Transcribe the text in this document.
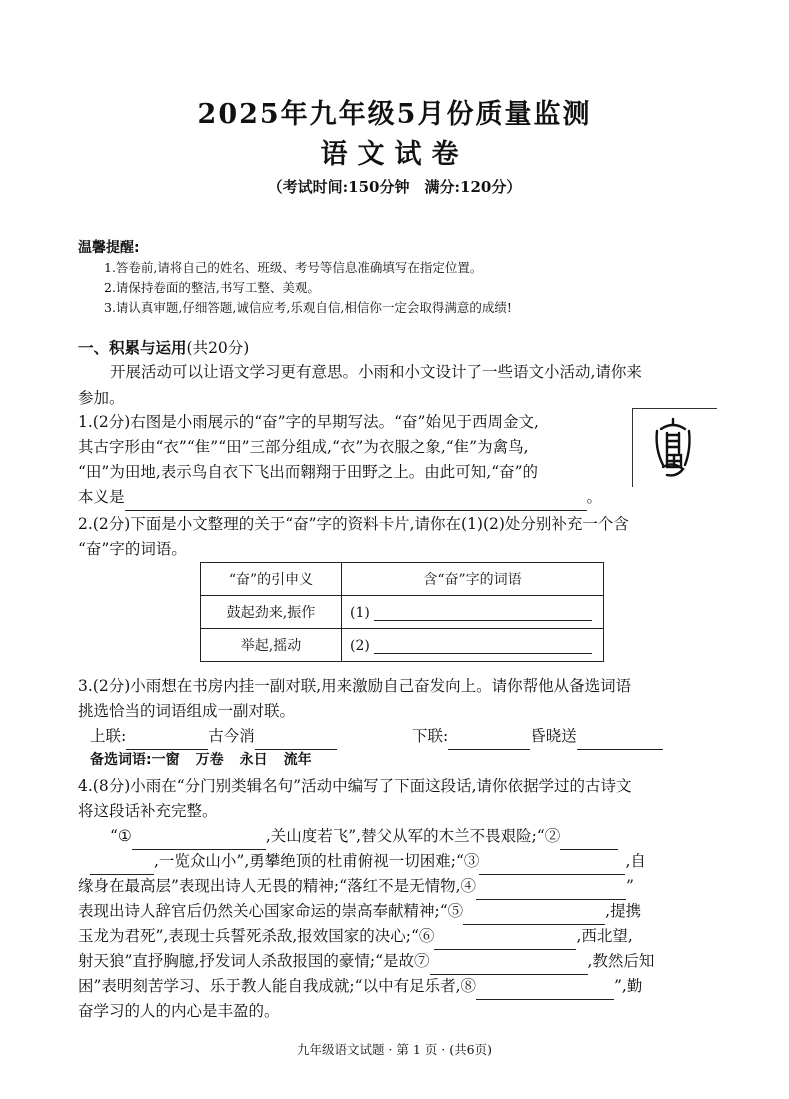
2025年九年级5月份质量监测
语文试卷
（考试时间:150分钟　满分:120分）
温馨提醒:
1.答卷前,请将自己的姓名、班级、考号等信息准确填写在指定位置。
2.请保持卷面的整洁,书写工整、美观。
3.请认真审题,仔细答题,诚信应考,乐观自信,相信你一定会取得满意的成绩!
一、积累与运用(共20分)
开展活动可以让语文学习更有意思。小雨和小文设计了一些语文小活动,请你来
参加。
1.(2分)右图是小雨展示的“奋”字的早期写法。“奋”始见于西周金文,
其古字形由“衣”“隹”“田”三部分组成,“衣”为衣服之象,“隹”为禽鸟,
“田”为田地,表示鸟自衣下飞出而翱翔于田野之上。由此可知,“奋”的
本义是	。
2.(2分)下面是小文整理的关于“奋”字的资料卡片,请你在(1)(2)处分别补充一个含
“奋”字的词语。
“奋”的引申义	含“奋”字的词语
鼓起劲来,振作	(1)
举起,摇动	(2)
3.(2分)小雨想在书房内挂一副对联,用来激励自己奋发向上。请你帮他从备选词语
挑选恰当的词语组成一副对联。
上联:	古今消	下联:	昏晓送
备选词语:一窗 万卷 永日 流年
4.(8分)小雨在“分门别类辑名句”活动中编写了下面这段话,请你依据学过的古诗文
将这段话补充完整。
“①	,关山度若飞”,替父从军的木兰不畏艰险;“②
,一览众山小”,勇攀绝顶的杜甫俯视一切困难;“③	,自
缘身在最高层”表现出诗人无畏的精神;“落红不是无情物,④	”
表现出诗人辞官后仍然关心国家命运的崇高奉献精神;“⑤	,提携
玉龙为君死”,表现士兵誓死杀敌,报效国家的决心;“⑥	,西北望,
射天狼”直抒胸臆,抒发词人杀敌报国的豪情;“是故⑦	,教然后知
困”表明刻苦学习、乐于教人能自我成就;“以中有足乐者,⑧	”,勤
奋学习的人的内心是丰盈的。
九年级语文试题 · 第 1 页 · (共6页)
